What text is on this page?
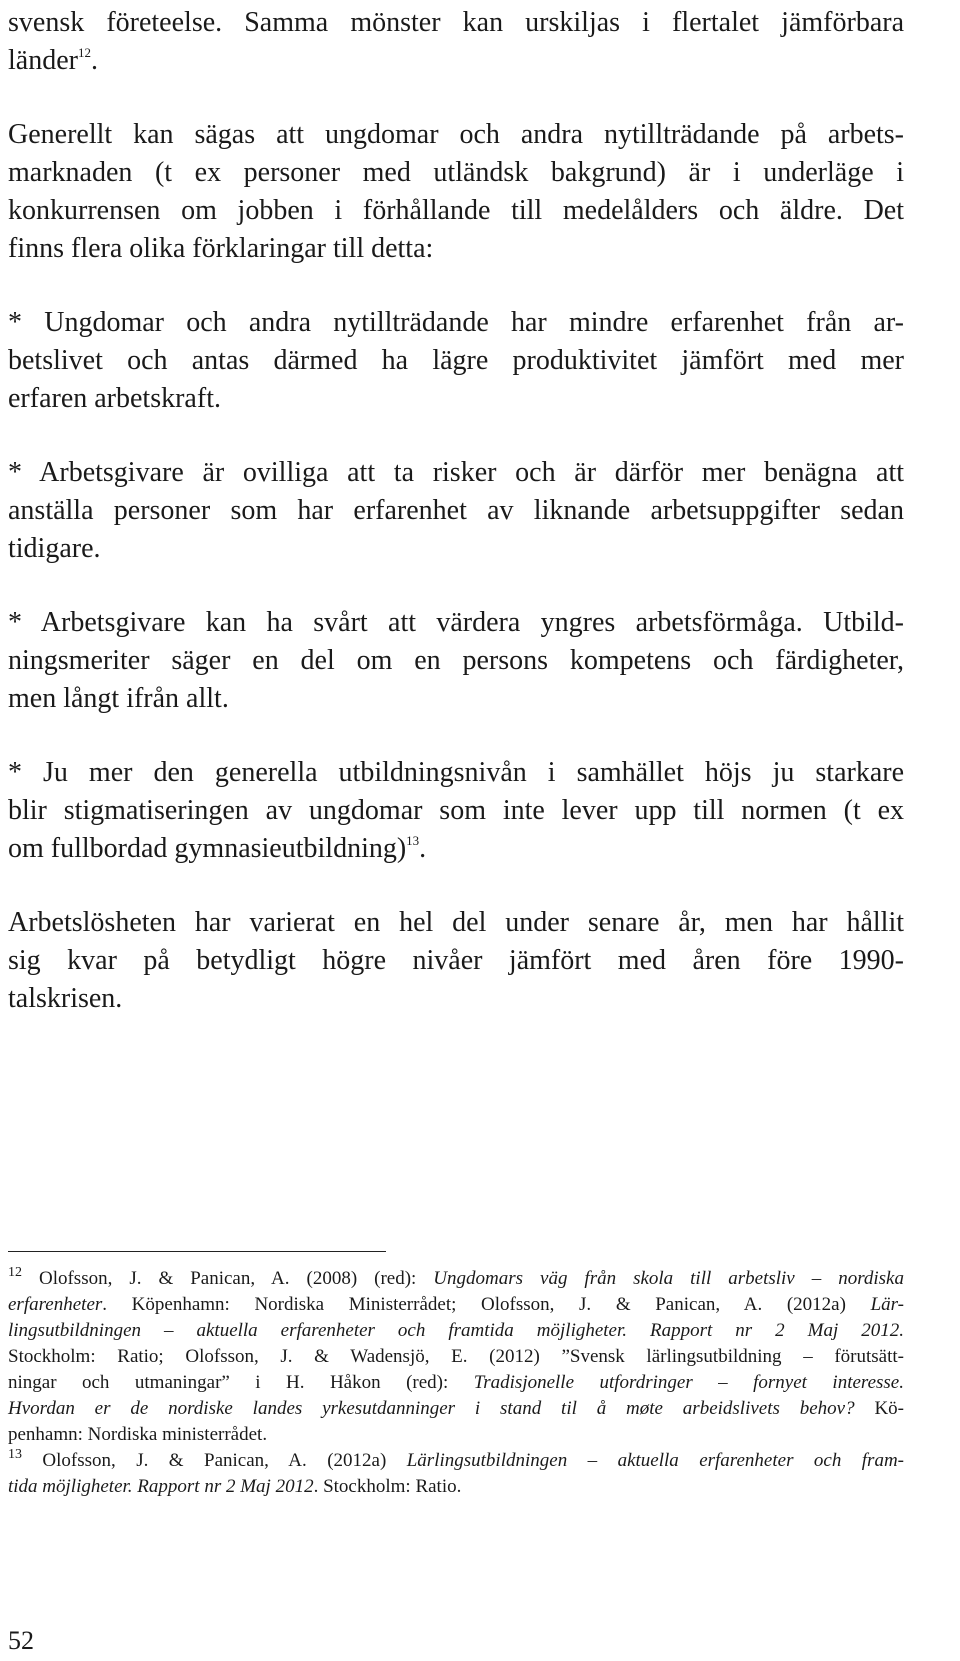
svensk företeelse. Samma mönster kan urskiljas i flertalet jämförbara
länder$^{12}$.

Generellt kan sägas att ungdomar och andra nytillträdande på arbets-
marknaden (t ex personer med utländsk bakgrund) är i underläge i
konkurrensen om jobben i förhållande till medelålders och äldre. Det
finns flera olika förklaringar till detta:

* Ungdomar och andra nytillträdande har mindre erfarenhet från ar-
betslivet och antas därmed ha lägre produktivitet jämfört med mer
erfaren arbetskraft.

* Arbetsgivare är ovilliga att ta risker och är därför mer benägna att
anställa personer som har erfarenhet av liknande arbetsuppgifter sedan
tidigare.

* Arbetsgivare kan ha svårt att värdera yngres arbetsförmåga. Utbild-
ningsmeriter säger en del om en persons kompetens och färdigheter,
men långt ifrån allt.

* Ju mer den generella utbildningsnivån i samhället höjs ju starkare
blir stigmatiseringen av ungdomar som inte lever upp till normen (t ex
om fullbordad gymnasieutbildning)$^{13}$.

Arbetslösheten har varierat en hel del under senare år, men har hållit
sig kvar på betydligt högre nivåer jämfört med åren före 1990-
talskrisen.

$^{12}$ Olofsson, J. & Panican, A. (2008) (red): Ungdomars väg från skola till arbetsliv – nordiska
erfarenheter. Köpenhamn: Nordiska Ministerrådet; Olofsson, J. & Panican, A. (2012a) Lär-
lingsutbildningen – aktuella erfarenheter och framtida möjligheter. Rapport nr 2 Maj 2012.
Stockholm: Ratio; Olofsson, J. & Wadensjö, E. (2012) ”Svensk lärlingsutbildning – förutsätt-
ningar och utmaningar” i H. Håkon (red): Tradisjonelle utfordringer – fornyet interesse.
Hvordan er de nordiske landes yrkesutdanninger i stand til å møte arbeidslivets behov? Kö-
penhamn: Nordiska ministerrådet.

$^{13}$ Olofsson, J. & Panican, A. (2012a) Lärlingsutbildningen – aktuella erfarenheter och fram-
tida möjligheter. Rapport nr 2 Maj 2012. Stockholm: Ratio.

52
